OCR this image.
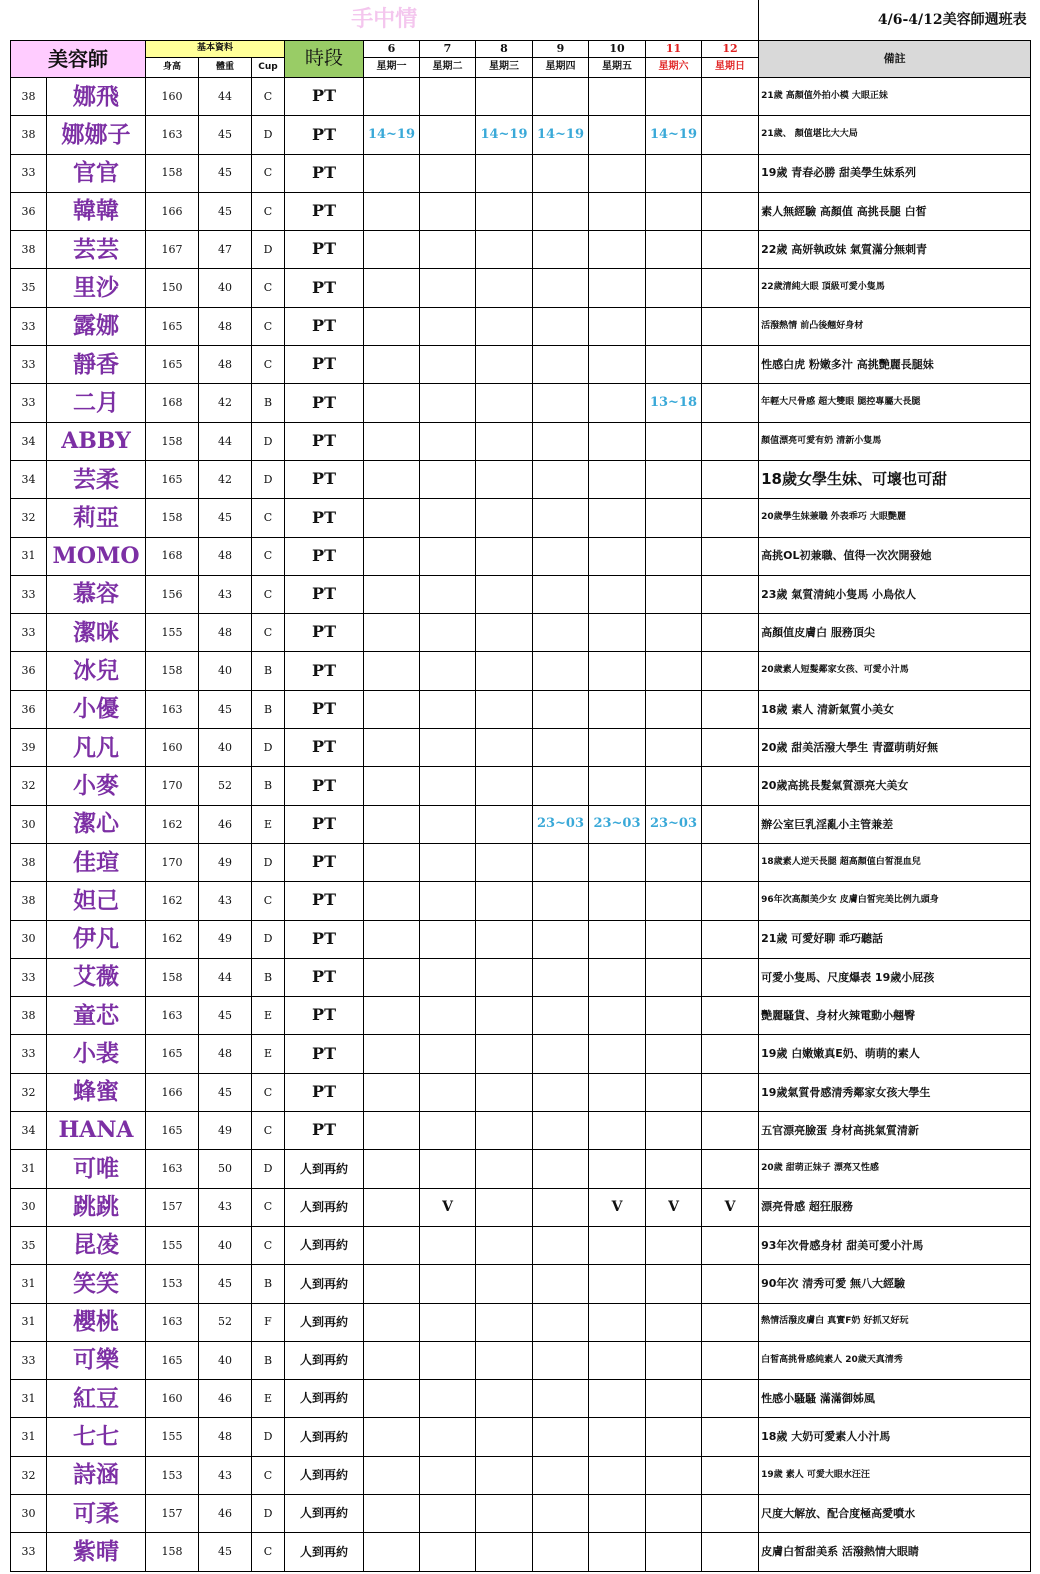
手中情													4/6-4/12美容師週班表
美容師		基本資料			時段	6	7	8	9	10	11	12	備註
		身高	體重	Cup		星期一	星期二	星期三	星期四	星期五	星期六	星期日	
38	娜飛	160	44	C	PT								21歲 高顏值外拍小模 大眼正妹
38	娜娜子	163	45	D	PT	14~19		14~19	14~19		14~19		21歲、 顏值堪比大大局
33	官官	158	45	C	PT								19歲 青春必勝 甜美學生妹系列
36	韓韓	166	45	C	PT								素人無經驗 高顏值 高挑長腿 白皙
38	芸芸	167	47	D	PT								22歲 高妍執政妹 氣質滿分無刺青
35	里沙	150	40	C	PT								22歲清純大眼 頂級可愛小隻馬
33	露娜	165	48	C	PT								活潑熱情 前凸後翹好身材
33	靜香	165	48	C	PT								性感白虎 粉嫩多汁 高挑艷麗長腿妹
33	二月	168	42	B	PT						13~18		年輕大尺骨感 超大雙眼 腿控專屬大長腿
34	ABBY	158	44	D	PT								顏值漂亮可愛有奶 清新小隻馬
34	芸柔	165	42	D	PT								18歲女學生妹、可壞也可甜
32	莉亞	158	45	C	PT								20歲學生妹兼職 外表乖巧 大眼艷麗
31	MOMO	168	48	C	PT								高挑OL初兼職、值得一次次開發她
33	慕容	156	43	C	PT								23歲 氣質清純小隻馬 小鳥依人
33	潔咪	155	48	C	PT								高顏值皮膚白 服務頂尖
36	冰兒	158	40	B	PT								20歲素人短髮鄰家女孩、可愛小汁馬
36	小優	163	45	B	PT								18歲 素人 清新氣質小美女
39	凡凡	160	40	D	PT								20歲 甜美活潑大學生 青澀萌萌好無
32	小麥	170	52	B	PT								20歲高挑長髮氣質漂亮大美女
30	潔心	162	46	E	PT				23~03	23~03	23~03		辦公室巨乳淫亂小主管兼差
38	佳瑄	170	49	D	PT								18歲素人逆天長腿 超高顏值白皙混血兒
38	妲己	162	43	C	PT								96年次高顏美少女 皮膚白皙完美比例九頭身
30	伊凡	162	49	D	PT								21歲 可愛好聊 乖巧聽話
33	艾薇	158	44	B	PT								可愛小隻馬、尺度爆表 19歲小屁孩
38	童芯	163	45	E	PT								艷麗騷貨、身材火辣電動小翹臀
33	小裴	165	48	E	PT								19歲 白嫩嫩真E奶、萌萌的素人
32	蜂蜜	166	45	C	PT								19歲氣質骨感清秀鄰家女孩大學生
34	HANA	165	49	C	PT								五官漂亮臉蛋 身材高挑氣質清新
31	可唯	163	50	D	人到再約								20歲 甜萌正妹子 漂亮又性感
30	跳跳	157	43	C	人到再約		V			V	V	V	漂亮骨感 超狂服務
35	昆凌	155	40	C	人到再約								93年次骨感身材 甜美可愛小汁馬
31	笑笑	153	45	B	人到再約								90年次 清秀可愛 無八大經驗
31	櫻桃	163	52	F	人到再約								熱情活潑皮膚白 真實F奶 好抓又好玩
33	可樂	165	40	B	人到再約								白皙高挑骨感純素人 20歲天真清秀
31	紅豆	160	46	E	人到再約								性感小騷騷 滿滿御姊風
31	七七	155	48	D	人到再約								18歲 大奶可愛素人小汁馬
32	詩涵	153	43	C	人到再約								19歲 素人 可愛大眼水汪汪
30	可柔	157	46	D	人到再約								尺度大解放、配合度極高愛噴水
33	紫晴	158	45	C	人到再約								皮膚白皙甜美系 活潑熱情大眼睛
